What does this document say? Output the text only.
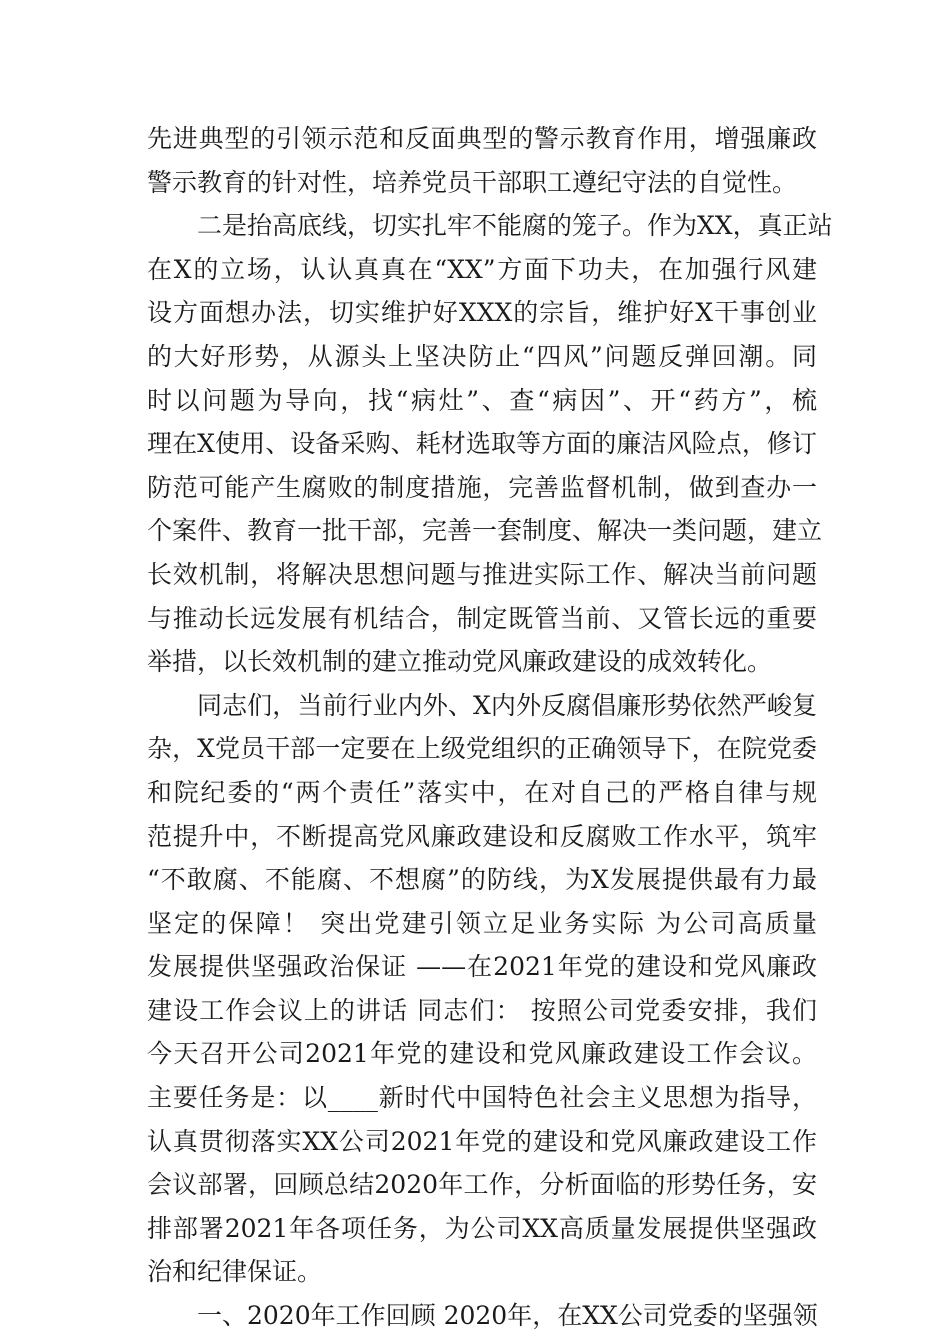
先进典型的引领示范和反面典型的警示教育作用，增强廉政
警示教育的针对性，培养党员干部职工遵纪守法的自觉性。
二是抬高底线，切实扎牢不能腐的笼子。作为XX，真正站
在X的立场，认认真真在“XX”方面下功夫，在加强行风建
设方面想办法，切实维护好XXX的宗旨，维护好X干事创业
的大好形势，从源头上坚决防止“四风”问题反弹回潮。同
时以问题为导向，找“病灶”、查“病因”、开“药方”，梳
理在X使用、设备采购、耗材选取等方面的廉洁风险点，修订
防范可能产生腐败的制度措施，完善监督机制，做到查办一
个案件、教育一批干部，完善一套制度、解决一类问题，建立
长效机制，将解决思想问题与推进实际工作、解决当前问题
与推动长远发展有机结合，制定既管当前、又管长远的重要
举措，以长效机制的建立推动党风廉政建设的成效转化。
同志们，当前行业内外、X内外反腐倡廉形势依然严峻复
杂，X党员干部一定要在上级党组织的正确领导下，在院党委
和院纪委的“两个责任”落实中，在对自己的严格自律与规
范提升中，不断提高党风廉政建设和反腐败工作水平，筑牢
“不敢腐、不能腐、不想腐”的防线，为X发展提供最有力最
坚定的保障！ 突出党建引领立足业务实际 为公司高质量
发展提供坚强政治保证 ——在2021年党的建设和党风廉政
建设工作会议上的讲话 同志们： 按照公司党委安排，我们
今天召开公司2021年党的建设和党风廉政建设工作会议。
主要任务是：以____新时代中国特色社会主义思想为指导，
认真贯彻落实XX公司2021年党的建设和党风廉政建设工作
会议部署，回顾总结2020年工作，分析面临的形势任务，安
排部署2021年各项任务，为公司XX高质量发展提供坚强政
治和纪律保证。
一、2020年工作回顾 2020年，在XX公司党委的坚强领
